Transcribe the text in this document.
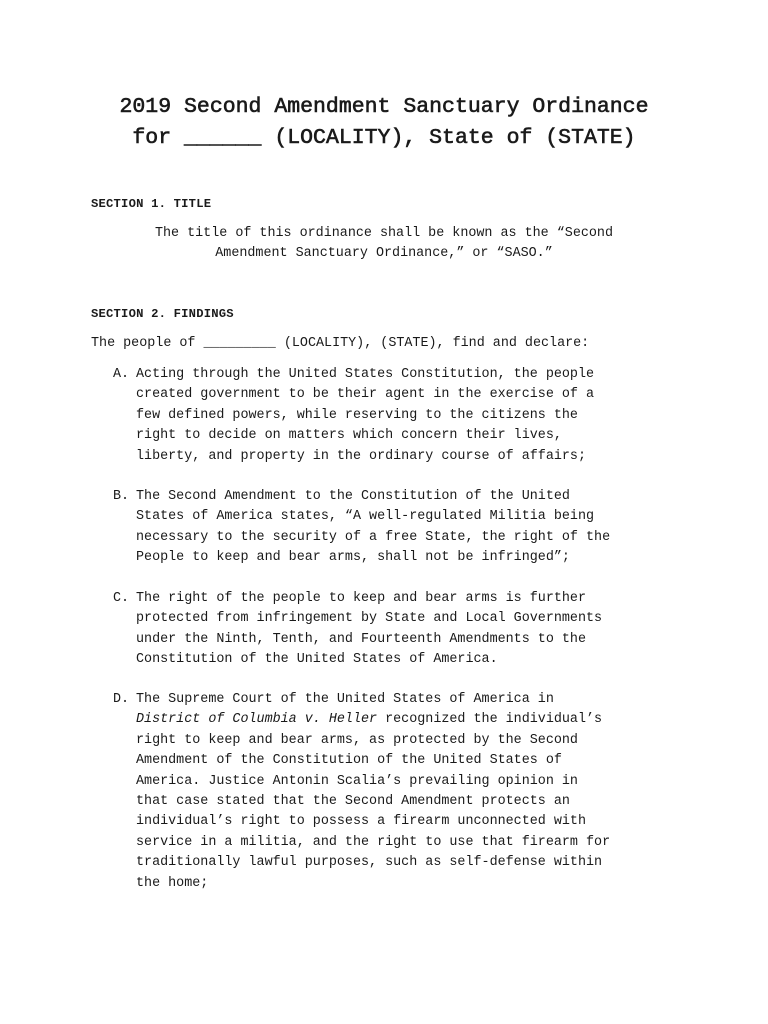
2019 Second Amendment Sanctuary Ordinance
for ______ (LOCALITY), State of (STATE)
SECTION 1. TITLE

The title of this ordinance shall be known as the “Second
Amendment Sanctuary Ordinance,” or “SASO.”

SECTION 2. FINDINGS

The people of _________ (LOCALITY), (STATE), find and declare:

A. Acting through the United States Constitution, the people
created government to be their agent in the exercise of a
few defined powers, while reserving to the citizens the
right to decide on matters which concern their lives,
liberty, and property in the ordinary course of affairs;
B. The Second Amendment to the Constitution of the United
States of America states, “A well-regulated Militia being
necessary to the security of a free State, the right of the
People to keep and bear arms, shall not be infringed”;
C. The right of the people to keep and bear arms is further
protected from infringement by State and Local Governments
under the Ninth, Tenth, and Fourteenth Amendments to the
Constitution of the United States of America.
D. The Supreme Court of the United States of America in
District of Columbia v. Heller recognized the individual’s
right to keep and bear arms, as protected by the Second
Amendment of the Constitution of the United States of
America. Justice Antonin Scalia’s prevailing opinion in
that case stated that the Second Amendment protects an
individual’s right to possess a firearm unconnected with
service in a militia, and the right to use that firearm for
traditionally lawful purposes, such as self-defense within
the home;
